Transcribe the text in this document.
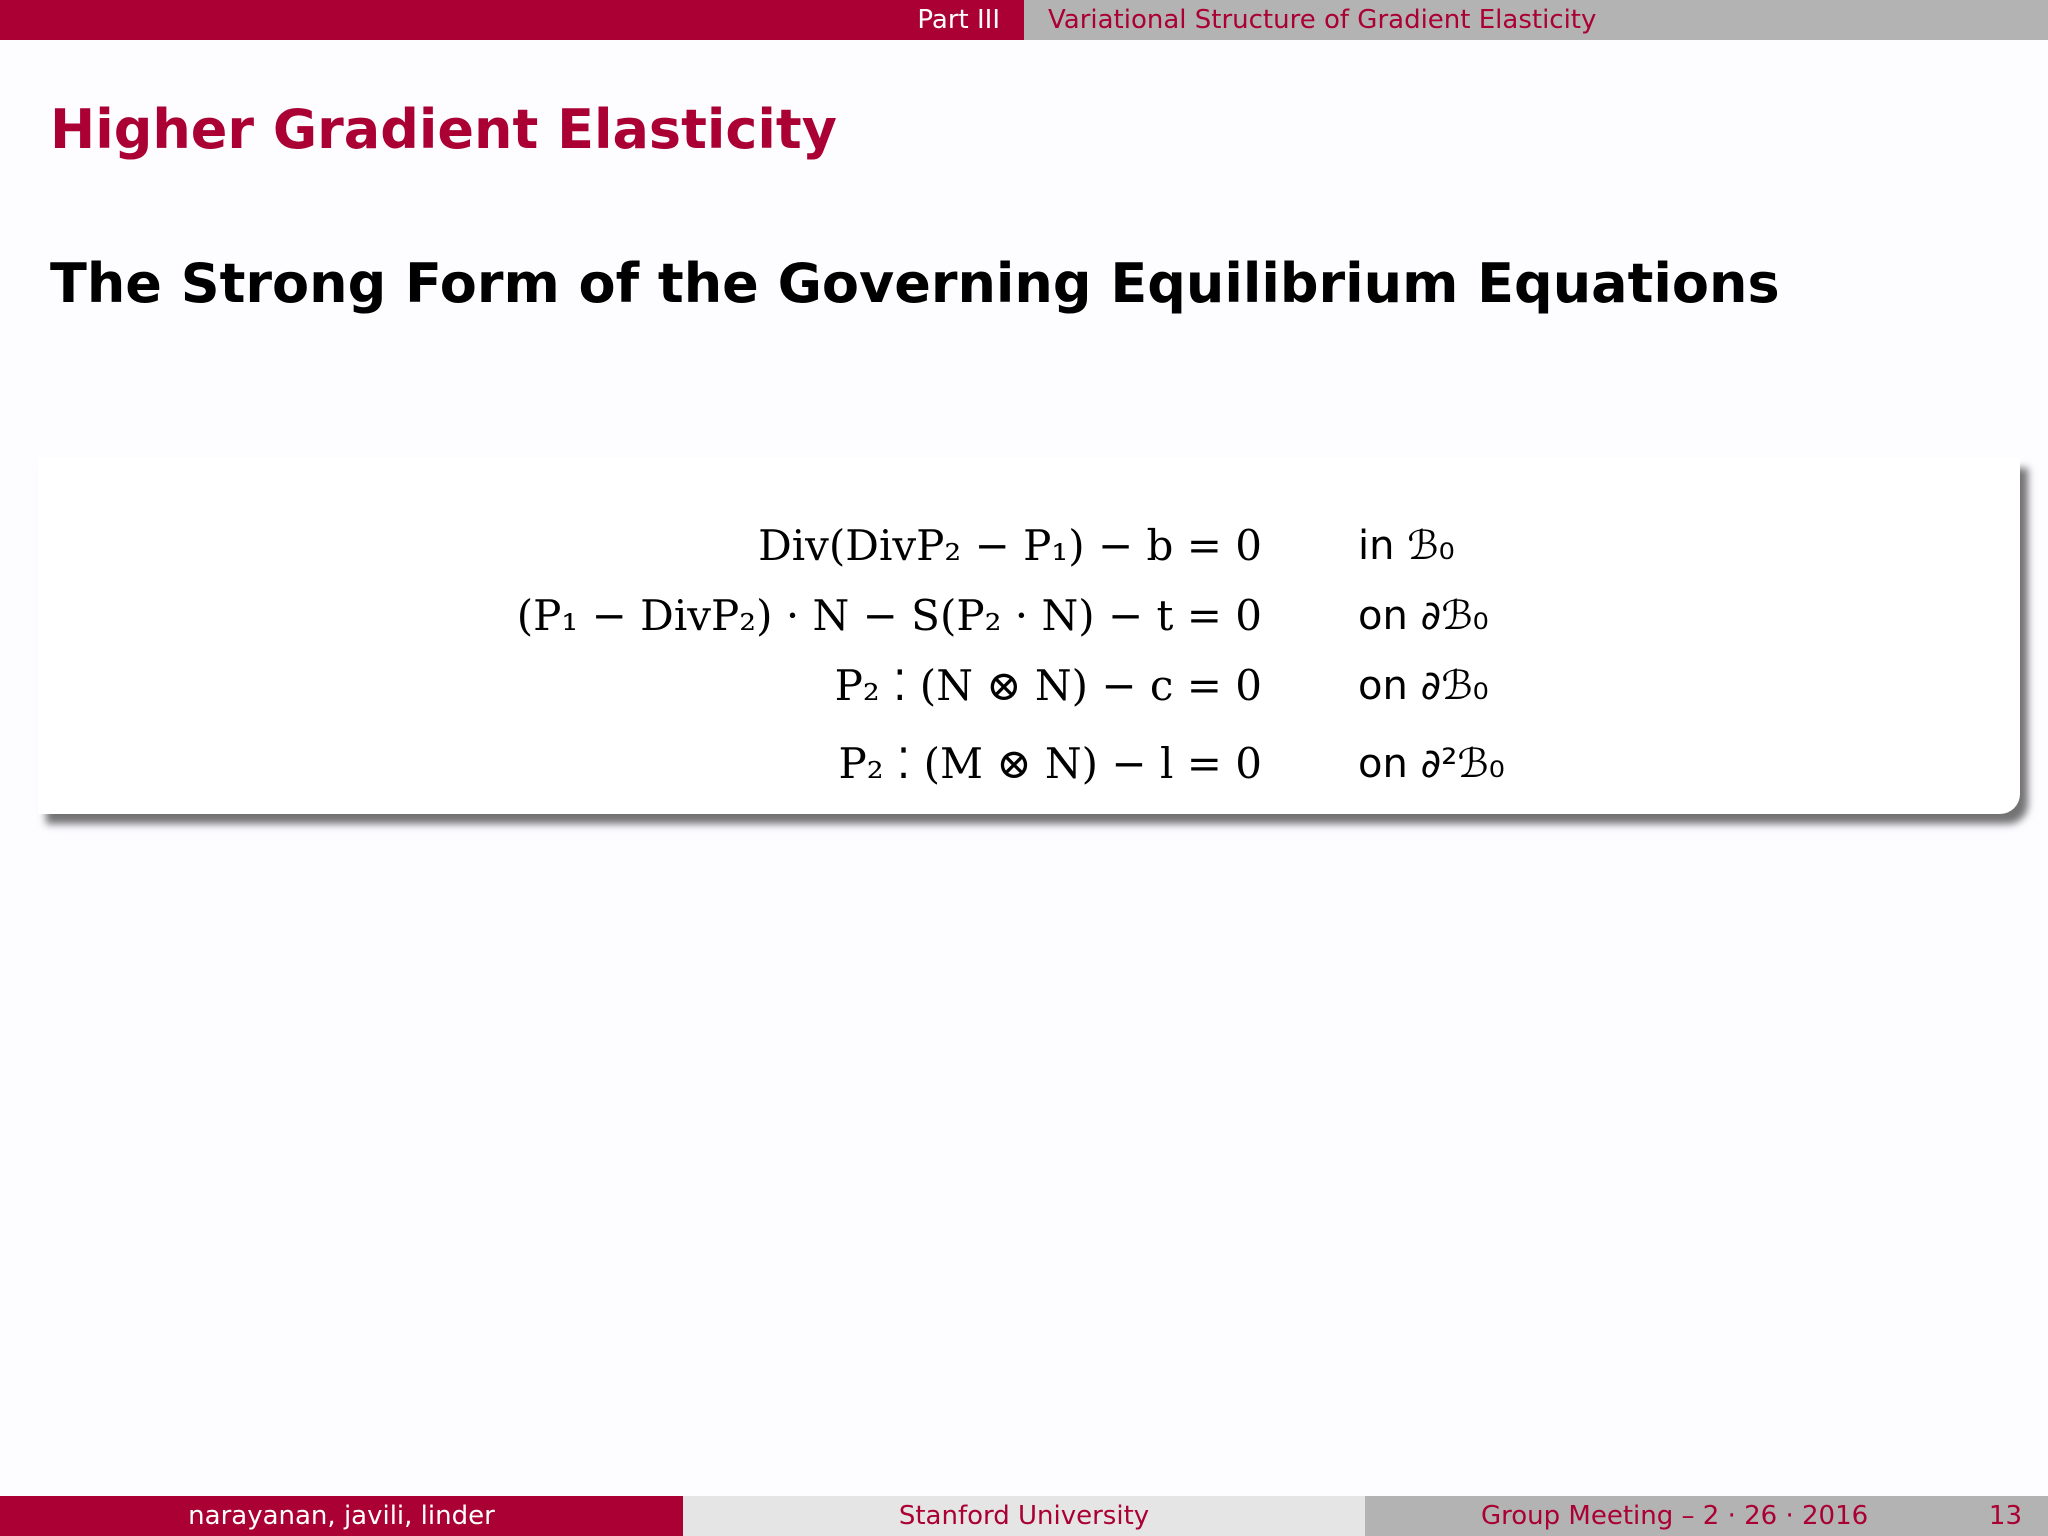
Part III Variational Structure of Gradient Elasticity
Higher Gradient Elasticity
The Strong Form of the Governing Equilibrium Equations
Div(DivP₂ − P₁) − b = 0 in ℬ₀
(P₁ − DivP₂) · N − S(P₂ · N) − t = 0 on ∂ℬ₀
P₂ ⁚ (N ⊗ N) − c = 0 on ∂ℬ₀
P₂ ⁚ (M ⊗ N) − l = 0 on ∂²ℬ₀
narayanan, javili, linder	Stanford University	Group Meeting – 2 · 26 · 2016	13
